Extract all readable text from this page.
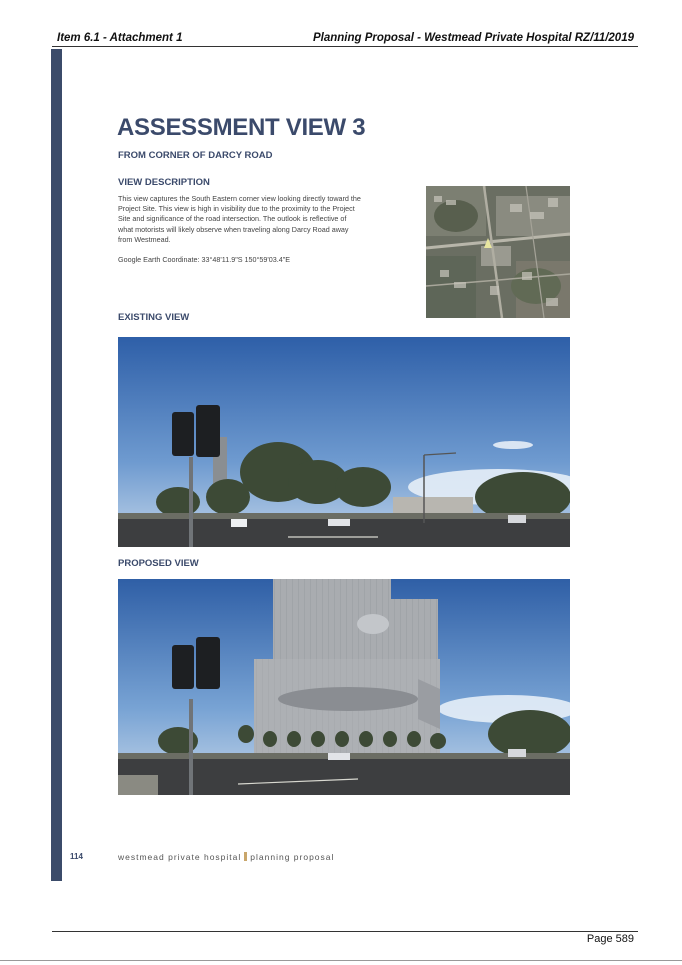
Item 6.1 - Attachment 1	Planning Proposal - Westmead Private Hospital RZ/11/2019
ASSESSMENT VIEW 3
FROM CORNER OF DARCY ROAD
VIEW DESCRIPTION
This view captures the South Eastern corner view looking directly toward the
Project Site. This view is high in visibility due to the proximity to the Project
Site and significance of the road intersection. The outlook is reflective of
what motorists will likely observe when traveling along Darcy Road away
from Westmead.
Google Earth Coordinate: 33°48'11.9"S 150°59'03.4"E
EXISTING VIEW
PROPOSED VIEW
114	westmead private hospital planning proposal
Page 589
